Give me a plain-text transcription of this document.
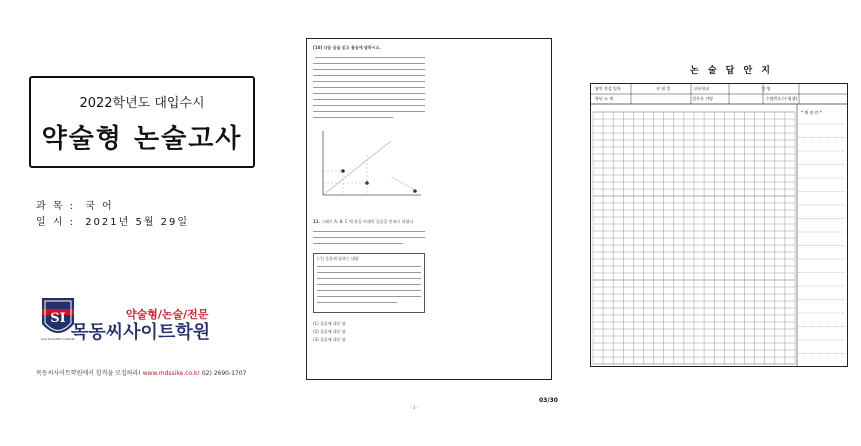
2022학년도 대입수시
약술형 논술고사
과 목 : 국 어
일 시 : 2021년 5월 29일
SI
Suji Scientific Institute
약술형/논술/전문
목동씨사이트학원
목동씨사이트학원에서 합격을 모집하라! www.mdssike.co.kr 02) 2690-1707
[10] 다음 글을 읽고 물음에 답하시오.
11. 그래프 A, B, C 에 관을 아래의 물음을 만족시 하였다
(가) 물음에 답하는 대답
(1) 물음에 대한 답
(2) 물음에 대한 답
(3) 물음에 대한 답
- 3 -
03/30
논 술 답 안 지
답안 작성 일자	년 월 일	고등학교	성 명
학년 소 계	감독자 서명	수험번호 (수험생)
* 채 점 란 *
